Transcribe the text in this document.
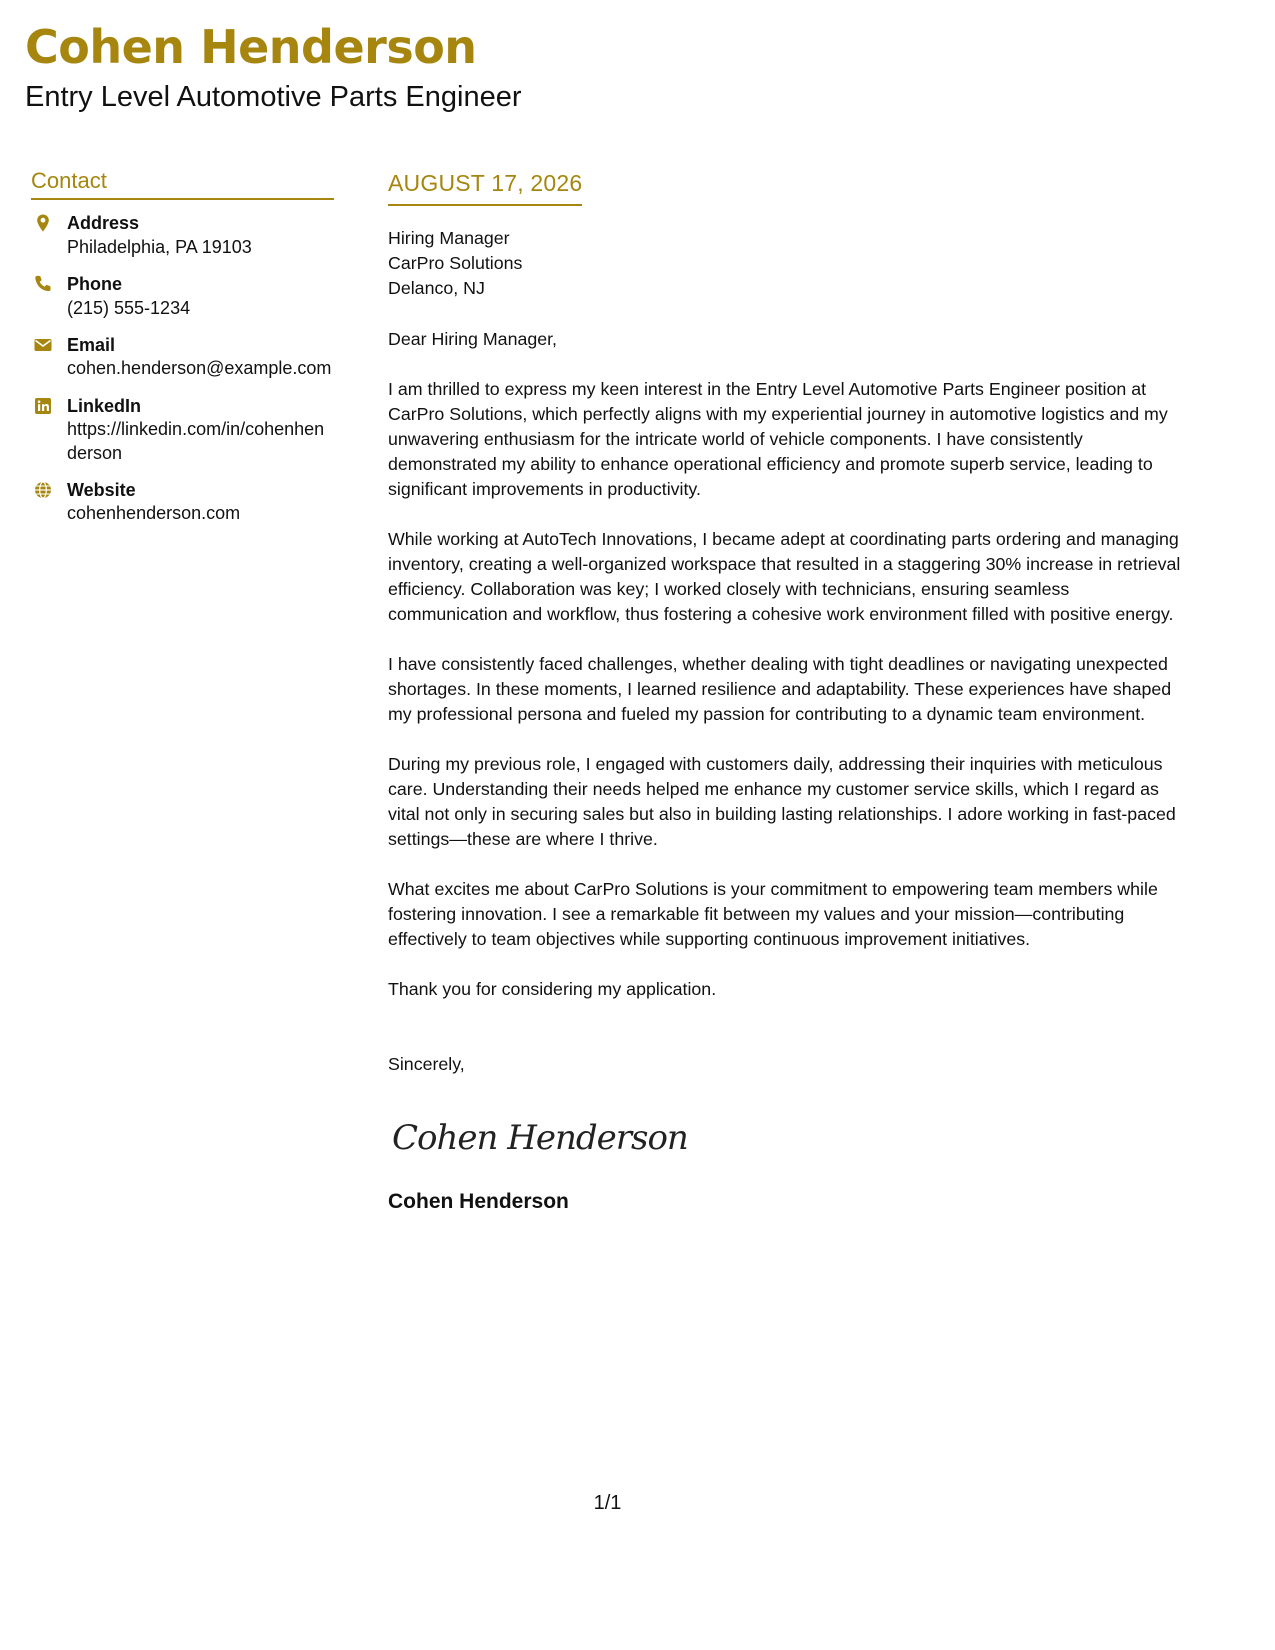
Cohen Henderson
Entry Level Automotive Parts Engineer
Contact
Address
Philadelphia, PA 19103
Phone
(215) 555-1234
Email
cohen.henderson@example.com
LinkedIn
https://linkedin.com/in/cohenhenderson
Website
cohenhenderson.com
AUGUST 17, 2026
Hiring Manager
CarPro Solutions
Delanco, NJ

Dear Hiring Manager,

I am thrilled to express my keen interest in the Entry Level Automotive Parts Engineer position at CarPro Solutions, which perfectly aligns with my experiential journey in automotive logistics and my unwavering enthusiasm for the intricate world of vehicle components. I have consistently demonstrated my ability to enhance operational efficiency and promote superb service, leading to significant improvements in productivity.

While working at AutoTech Innovations, I became adept at coordinating parts ordering and managing inventory, creating a well-organized workspace that resulted in a staggering 30% increase in retrieval efficiency. Collaboration was key; I worked closely with technicians, ensuring seamless communication and workflow, thus fostering a cohesive work environment filled with positive energy.

I have consistently faced challenges, whether dealing with tight deadlines or navigating unexpected shortages. In these moments, I learned resilience and adaptability. These experiences have shaped my professional persona and fueled my passion for contributing to a dynamic team environment.

During my previous role, I engaged with customers daily, addressing their inquiries with meticulous care. Understanding their needs helped me enhance my customer service skills, which I regard as vital not only in securing sales but also in building lasting relationships. I adore working in fast-paced settings—these are where I thrive.

What excites me about CarPro Solutions is your commitment to empowering team members while fostering innovation. I see a remarkable fit between my values and your mission—contributing effectively to team objectives while supporting continuous improvement initiatives.

Thank you for considering my application.

Sincerely,

Cohen Henderson
Cohen Henderson
1/1
